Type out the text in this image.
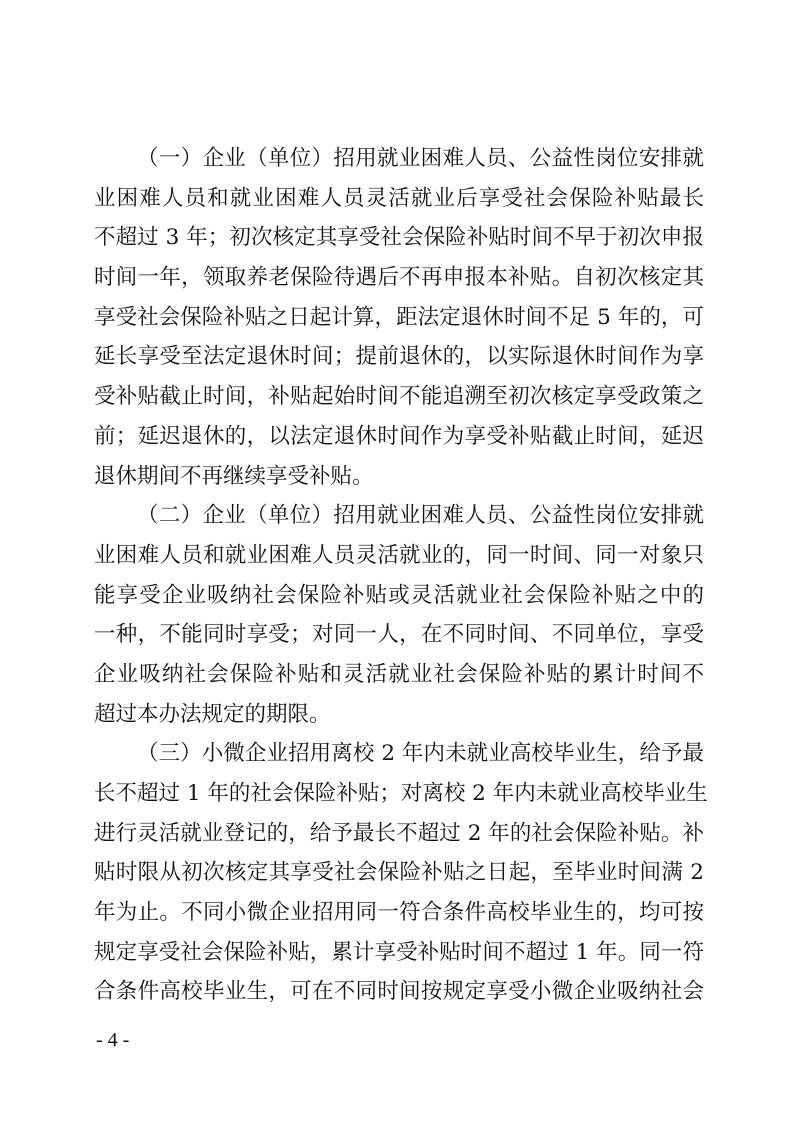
（一）企业（单位）招用就业困难人员、公益性岗位安排就
业困难人员和就业困难人员灵活就业后享受社会保险补贴最长
不超过 3 年；初次核定其享受社会保险补贴时间不早于初次申报
时间一年，领取养老保险待遇后不再申报本补贴。自初次核定其
享受社会保险补贴之日起计算，距法定退休时间不足 5 年的，可
延长享受至法定退休时间；提前退休的，以实际退休时间作为享
受补贴截止时间，补贴起始时间不能追溯至初次核定享受政策之
前；延迟退休的，以法定退休时间作为享受补贴截止时间，延迟
退休期间不再继续享受补贴。
（二）企业（单位）招用就业困难人员、公益性岗位安排就
业困难人员和就业困难人员灵活就业的，同一时间、同一对象只
能享受企业吸纳社会保险补贴或灵活就业社会保险补贴之中的
一种，不能同时享受；对同一人，在不同时间、不同单位，享受
企业吸纳社会保险补贴和灵活就业社会保险补贴的累计时间不
超过本办法规定的期限。
（三）小微企业招用离校 2 年内未就业高校毕业生，给予最
长不超过 1 年的社会保险补贴；对离校 2 年内未就业高校毕业生
进行灵活就业登记的，给予最长不超过 2 年的社会保险补贴。补
贴时限从初次核定其享受社会保险补贴之日起，至毕业时间满 2
年为止。不同小微企业招用同一符合条件高校毕业生的，均可按
规定享受社会保险补贴，累计享受补贴时间不超过 1 年。同一符
合条件高校毕业生，可在不同时间按规定享受小微企业吸纳社会
- 4 -
